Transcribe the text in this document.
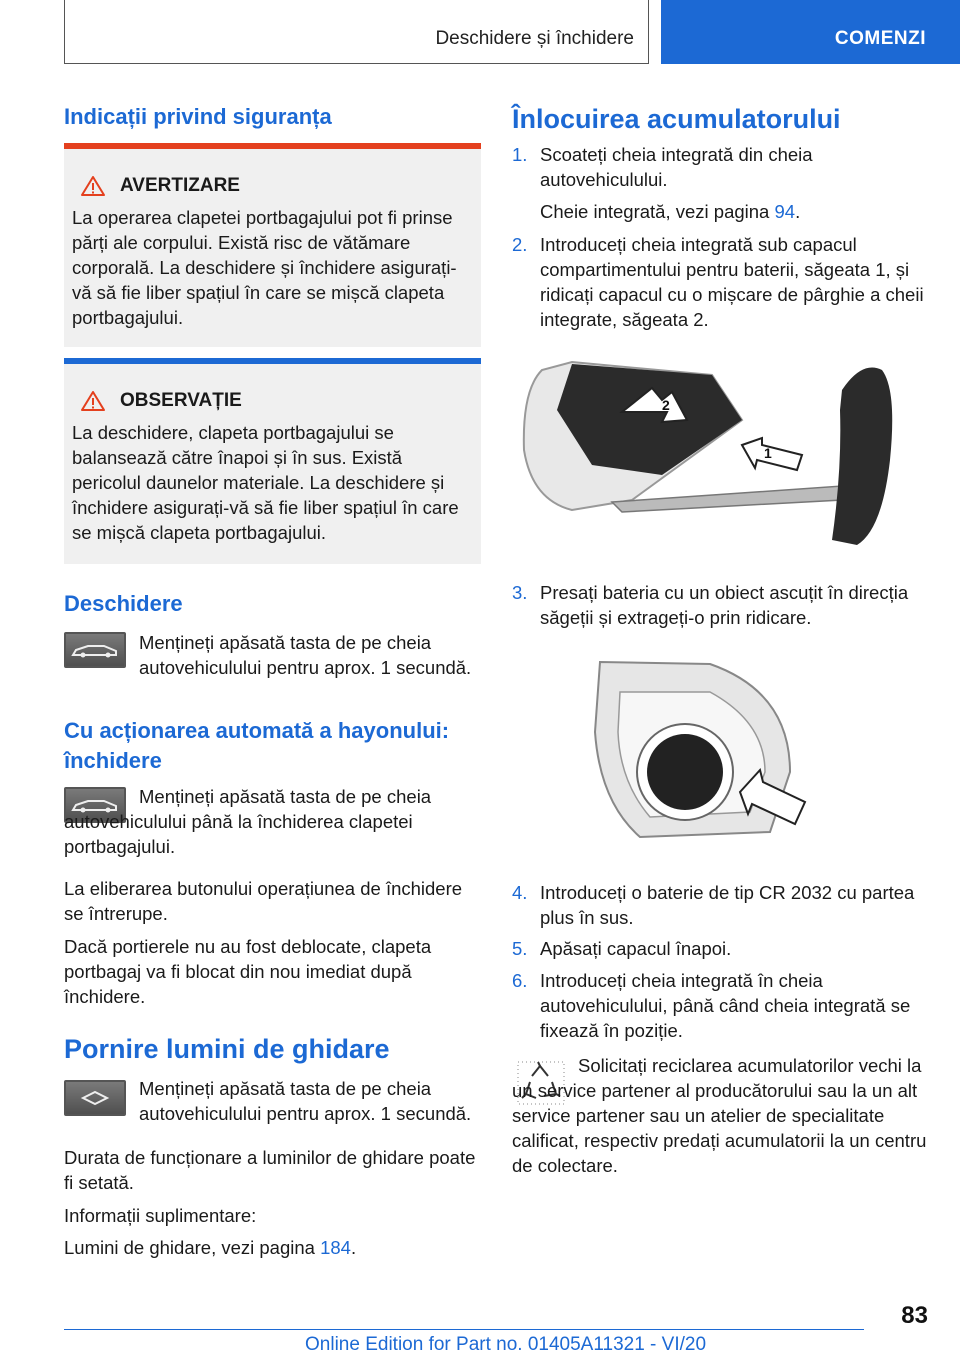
Deschidere și închidere	COMENZI
Indicații privind siguranța
AVERTIZARE
La operarea clapetei portbagajului pot fi prinse părți ale corpului. Există risc de vătămare corporală. La deschidere și închidere asigurați-vă să fie liber spațiul în care se mișcă clapeta portbagajului.
OBSERVAȚIE
La deschidere, clapeta portbagajului se balansează către înapoi și în sus. Există pericolul daunelor materiale. La deschidere și închidere asigurați-vă să fie liber spațiul în care se mișcă clapeta portbagajului.
Deschidere
Mențineți apăsată tasta de pe cheia autovehiculului pentru aprox. 1 secundă.
Cu acționarea automată a hayonului: închidere
Mențineți apăsată tasta de pe cheia autovehiculului până la închiderea clapetei portbagajului.
La eliberarea butonului operațiunea de închidere se întrerupe.
Dacă portierele nu au fost deblocate, clapeta portbagaj va fi blocat din nou imediat după închidere.
Pornire lumini de ghidare
Mențineți apăsată tasta de pe cheia autovehiculului pentru aprox. 1 secundă.
Durata de funcționare a luminilor de ghidare poate fi setată.
Informații suplimentare:
Lumini de ghidare, vezi pagina 184.
Înlocuirea acumulatorului
1. Scoateți cheia integrată din cheia autovehiculului.
Cheie integrată, vezi pagina 94.
2. Introduceți cheia integrată sub capacul compartimentului pentru baterii, săgeata 1, și ridicați capacul cu o mișcare de pârghie a cheii integrate, săgeata 2.
2
1
3. Presați bateria cu un obiect ascuțit în direcția săgeții și extrageți-o prin ridicare.
4. Introduceți o baterie de tip CR 2032 cu partea plus în sus.
5. Apăsați capacul înapoi.
6. Introduceți cheia integrată în cheia autovehiculului, până când cheia integrată se fixează în poziție.
Solicitați reciclarea acumulatorilor vechi la un service partener al producătorului sau la un alt service partener sau un atelier de specialitate calificat, respectiv predați acumulatorii la un centru de colectare.
83
Online Edition for Part no. 01405A11321 - VI/20
